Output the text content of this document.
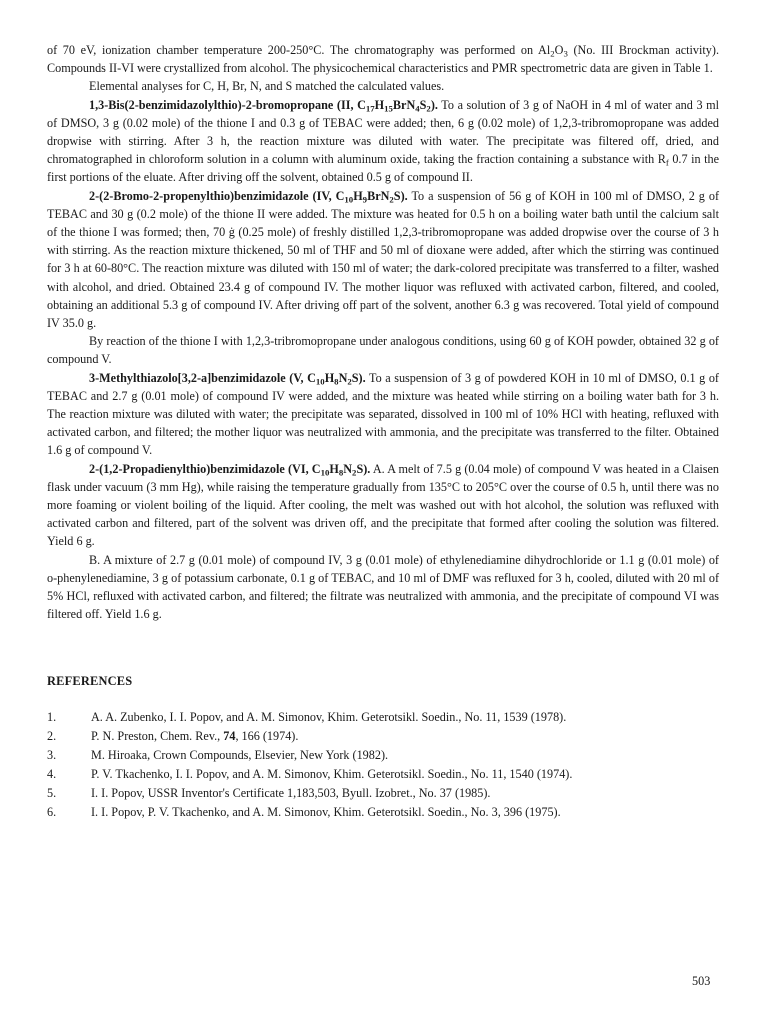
of 70 eV, ionization chamber temperature 200-250°C. The chromatography was performed on $Al_2O_3$ (No. III Brockman activity). Compounds II-VI were crystallized from alcohol. The physicochemical characteristics and PMR spectrometric data are given in Table 1.

Elemental analyses for C, H, Br, N, and S matched the calculated values.

1,3-Bis(2-benzimidazolylthio)-2-bromopropane (II, $C_{17}H_{15}BrN_4S_2$). To a solution of 3 g of NaOH in 4 ml of water and 3 ml of DMSO, 3 g (0.02 mole) of the thione I and 0.3 g of TEBAC were added; then, 6 g (0.02 mole) of 1,2,3-tribromopropane was added dropwise with stirring. After 3 h, the reaction mixture was diluted with water. The precipitate was filtered off, dried, and chromatographed in chloroform solution in a column with aluminum oxide, taking the fraction containing a substance with $R_f$ 0.7 in the first portions of the eluate. After driving off the solvent, obtained 0.5 g of compound II.

2-(2-Bromo-2-propenylthio)benzimidazole (IV, $C_{10}H_9BrN_2S$). To a suspension of 56 g of KOH in 100 ml of DMSO, 2 g of TEBAC and 30 g (0.2 mole) of the thione II were added. The mixture was heated for 0.5 h on a boiling water bath until the calcium salt of the thione I was formed; then, 70 ġ (0.25 mole) of freshly distilled 1,2,3-tribromopropane was added dropwise over the course of 3 h with stirring. As the reaction mixture thickened, 50 ml of THF and 50 ml of dioxane were added, after which the stirring was continued for 3 h at 60-80°C. The reaction mixture was diluted with 150 ml of water; the dark-colored precipitate was transferred to a filter, washed with alcohol, and dried. Obtained 23.4 g of compound IV. The mother liquor was refluxed with activated carbon, filtered, and cooled, obtaining an additional 5.3 g of compound IV. After driving off part of the solvent, another 6.3 g was recovered. Total yield of compound IV 35.0 g.

By reaction of the thione I with 1,2,3-tribromopropane under analogous conditions, using 60 g of KOH powder, obtained 32 g of compound V.

3-Methylthiazolo[3,2-a]benzimidazole (V, $C_{10}H_8N_2S$). To a suspension of 3 g of powdered KOH in 10 ml of DMSO, 0.1 g of TEBAC and 2.7 g (0.01 mole) of compound IV were added, and the mixture was heated while stirring on a boiling water bath for 3 h. The reaction mixture was diluted with water; the precipitate was separated, dissolved in 100 ml of 10% HCl with heating, refluxed with activated carbon, and filtered; the mother liquor was neutralized with ammonia, and the precipitate was transferred to the filter. Obtained 1.6 g of compound V.

2-(1,2-Propadienylthio)benzimidazole (VI, $C_{10}H_8N_2S$). A. A melt of 7.5 g (0.04 mole) of compound V was heated in a Claisen flask under vacuum (3 mm Hg), while raising the temperature gradually from 135°C to 205°C over the course of 0.5 h, until there was no more foaming or violent boiling of the liquid. After cooling, the melt was washed out with hot alcohol, the solution was refluxed with activated carbon and filtered, part of the solvent was driven off, and the precipitate that formed after cooling the solution was filtered. Yield 6 g.

B. A mixture of 2.7 g (0.01 mole) of compound IV, 3 g (0.01 mole) of ethylenediamine dihydrochloride or 1.1 g (0.01 mole) of o-phenylenediamine, 3 g of potassium carbonate, 0.1 g of TEBAC, and 10 ml of DMF was refluxed for 3 h, cooled, diluted with 20 ml of 5% HCl, refluxed with activated carbon, and filtered; the filtrate was neutralized with ammonia, and the precipitate of compound VI was filtered off. Yield 1.6 g.

REFERENCES
1.	A. A. Zubenko, I. I. Popov, and A. M. Simonov, Khim. Geterotsikl. Soedin., No. 11, 1539 (1978).
2.	P. N. Preston, Chem. Rev., 74, 166 (1974).
3.	M. Hiroaka, Crown Compounds, Elsevier, New York (1982).
4.	P. V. Tkachenko, I. I. Popov, and A. M. Simonov, Khim. Geterotsikl. Soedin., No. 11, 1540 (1974).
5.	I. I. Popov, USSR Inventor's Certificate 1,183,503, Byull. Izobret., No. 37 (1985).
6.	I. I. Popov, P. V. Tkachenko, and A. M. Simonov, Khim. Geterotsikl. Soedin., No. 3, 396 (1975).
503
